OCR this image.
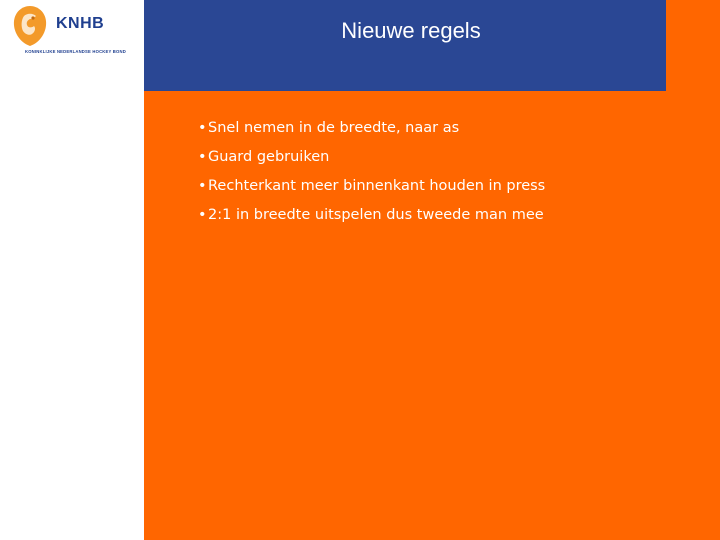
KNHB
KONINKLIJKE NEDERLANDSE HOCKEY BOND
Nieuwe regels
•Snel nemen in de breedte, naar as
•Guard gebruiken
•Rechterkant meer binnenkant houden in press
•2:1 in breedte uitspelen dus tweede man mee
